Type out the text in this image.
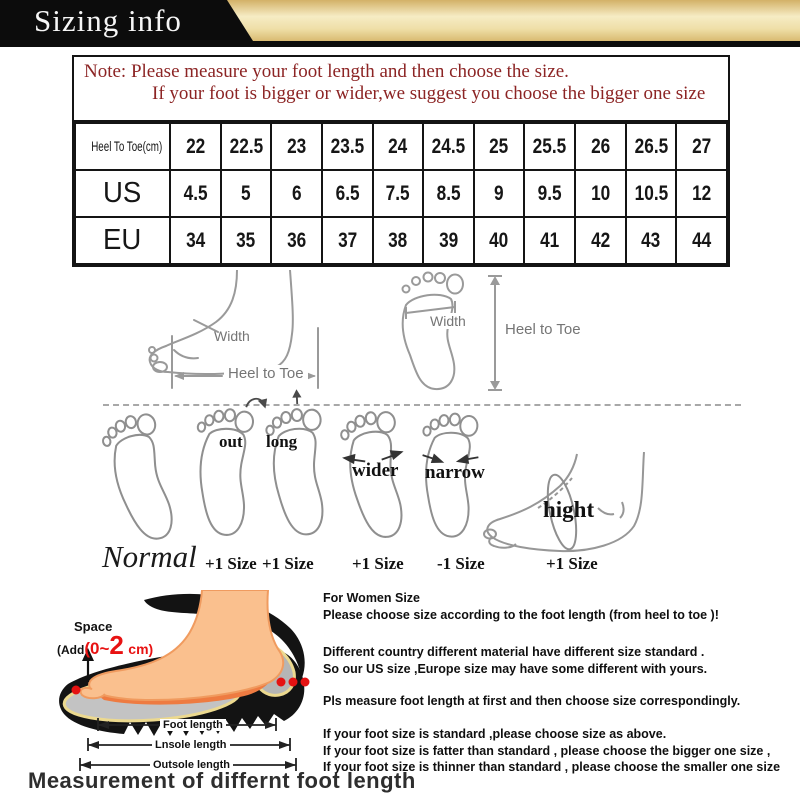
Sizing info
Note: Please measure your foot length and then choose the size.
If your foot is bigger or wider,we suggest you choose the bigger one size
Heel To Toe(cm)	22	22.5	23	23.5	24	24.5	25	25.5	26	26.5	27
US	4.5	5	6	6.5	7.5	8.5	9	9.5	10	10.5	12
EU	34	35	36	37	38	39	40	41	42	43	44
Width
Heel to Toe
Width	Heel to Toe
Normal
out long
wider narrow
hight
+1 Size +1 Size +1 Size -1 Size	+1 Size
Space
(Add(0~2 cm)
Foot length
Lnsole length
Outsole length
Measurement of differnt foot length
For Women Size
Please choose size according to the foot length (from heel to toe )!
Different country different material have different size standard .
So our US size ,Europe size may have some different with yours.
Pls measure foot length at first and then choose size correspondingly.
If your foot size is standard ,please choose size as above.
If your foot size is fatter than standard , please choose the bigger one size ,
If your foot size is thinner than standard , please choose the smaller one size
